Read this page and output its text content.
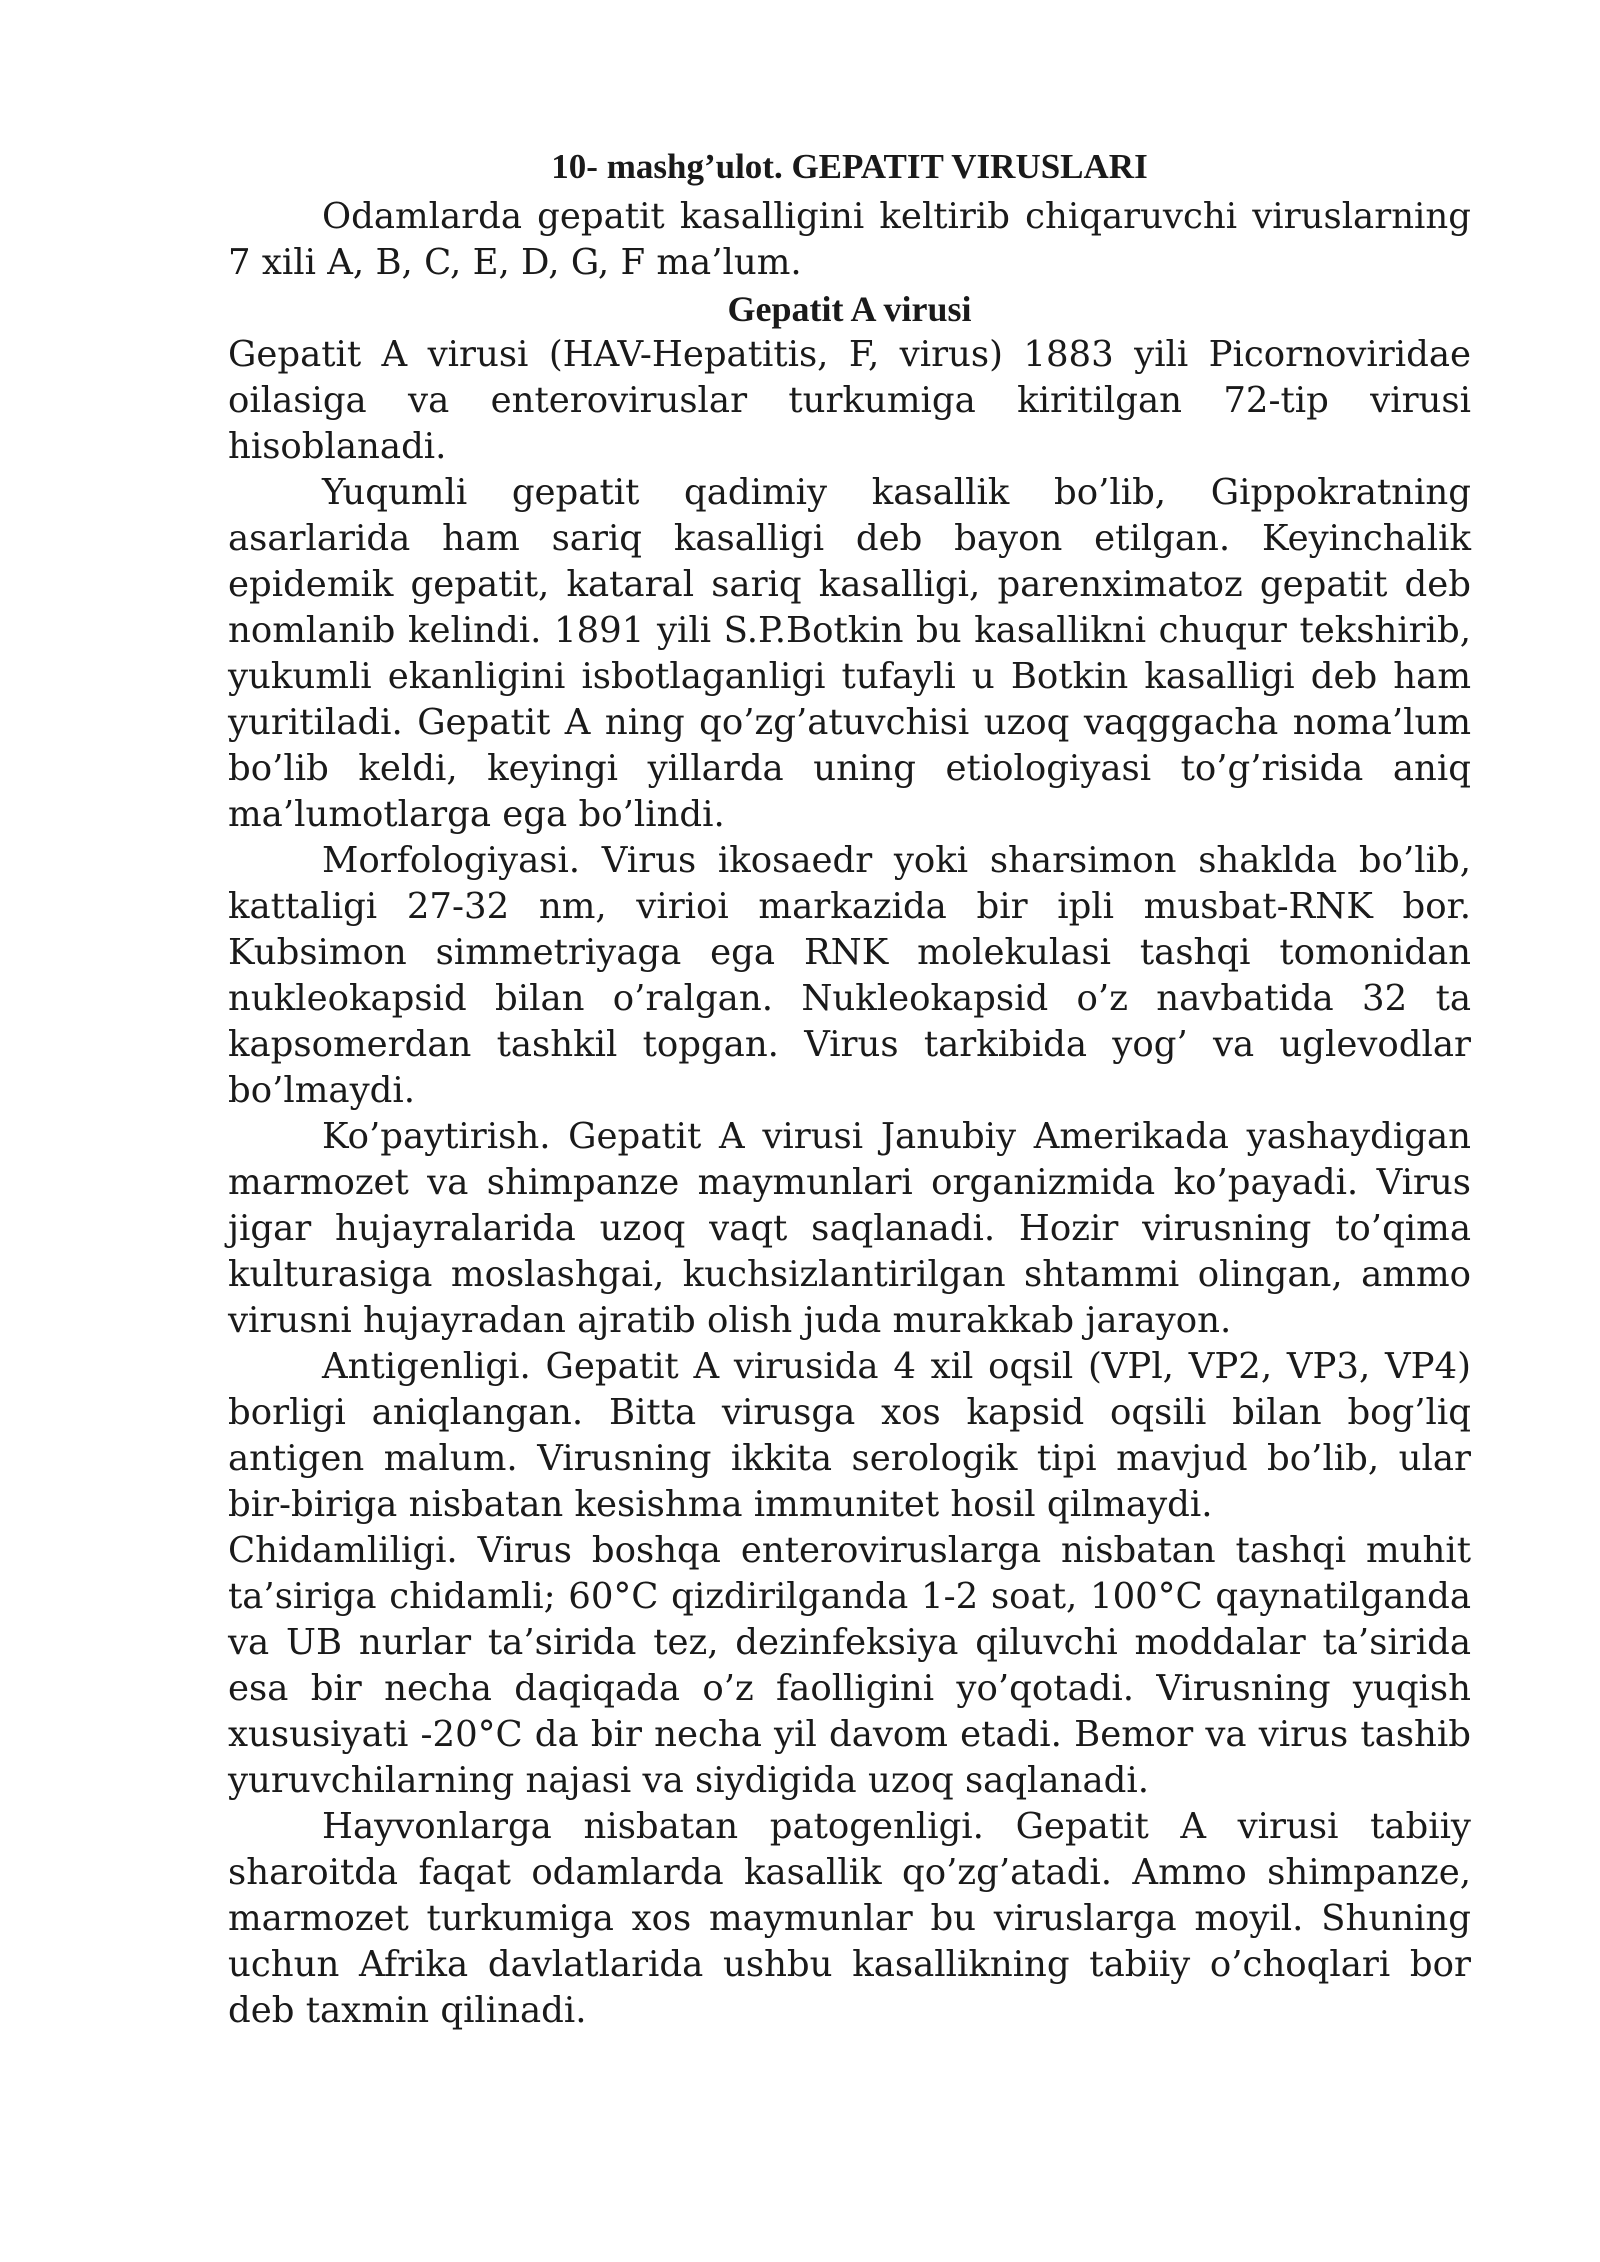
10- mashg’ulot. GEPATIT VIRUSLARI

Odamlarda gepatit kasalligini keltirib chiqaruvchi viruslarning 7 xili A, B, C, E, D, G, F ma’lum.

Gepatit A virusi

Gepatit A virusi (HAV-Hepatitis, F, virus) 1883 yili Picornoviridae oilasiga va enteroviruslar turkumiga kiritilgan 72-tip virusi hisoblanadi.

Yuqumli gepatit qadimiy kasallik bo’lib, Gippokratning asarlarida ham sariq kasalligi deb bayon etilgan. Keyinchalik epidemik gepatit, kataral sariq kasalligi, parenximatoz gepatit deb nomlanib kelindi. 1891 yili S.P.Botkin bu kasallikni chuqur tekshirib, yukumli ekanligini isbotlaganligi tufayli u Botkin kasalligi deb ham yuritiladi. Gepatit A ning qo’zg’atuvchisi uzoq vaqggacha noma’lum bo’lib keldi, keyingi yillarda uning etiologiyasi to’g’risida aniq ma’lumotlarga ega bo’lindi.

Morfologiyasi. Virus ikosaedr yoki sharsimon shaklda bo’lib, kattaligi 27-32 nm, virioi markazida bir ipli musbat-RNK bor. Kubsimon simmetriyaga ega RNK molekulasi tashqi tomonidan nukleokapsid bilan o’ralgan. Nukleokapsid o’z navbatida 32 ta kapsomerdan tashkil topgan. Virus tarkibida yog’ va uglevodlar bo’lmaydi.

Ko’paytirish. Gepatit A virusi Janubiy Amerikada yashaydigan marmozet va shimpanze maymunlari organizmida ko’payadi. Virus jigar hujayralarida uzoq vaqt saqlanadi. Hozir virusning to’qima kulturasiga moslashgai, kuchsizlantirilgan shtammi olingan, ammo virusni hujayradan ajratib olish juda murakkab jarayon.

Antigenligi. Gepatit A virusida 4 xil oqsil (VPl, VP2, VP3, VP4) borligi aniqlangan. Bitta virusga xos kapsid oqsili bilan bog’liq antigen malum. Virusning ikkita serologik tipi mavjud bo’lib, ular bir-biriga nisbatan kesishma immunitet hosil qilmaydi.

Chidamliligi. Virus boshqa enteroviruslarga nisbatan tashqi muhit ta’siriga chidamli; 60°C qizdirilganda 1-2 soat, 100°C qaynatilganda va UB nurlar ta’sirida tez, dezinfeksiya qiluvchi moddalar ta’sirida esa bir necha daqiqada o’z faolligini yo’qotadi. Virusning yuqish xususiyati -20°C da bir necha yil davom etadi. Bemor va virus tashib yuruvchilarning najasi va siydigida uzoq saqlanadi.

Hayvonlarga nisbatan patogenligi. Gepatit A virusi tabiiy sharoitda faqat odamlarda kasallik qo’zg’atadi. Ammo shimpanze, marmozet turkumiga xos maymunlar bu viruslarga moyil. Shuning uchun Afrika davlatlarida ushbu kasallikning tabiiy o’choqlari bor deb taxmin qilinadi.
